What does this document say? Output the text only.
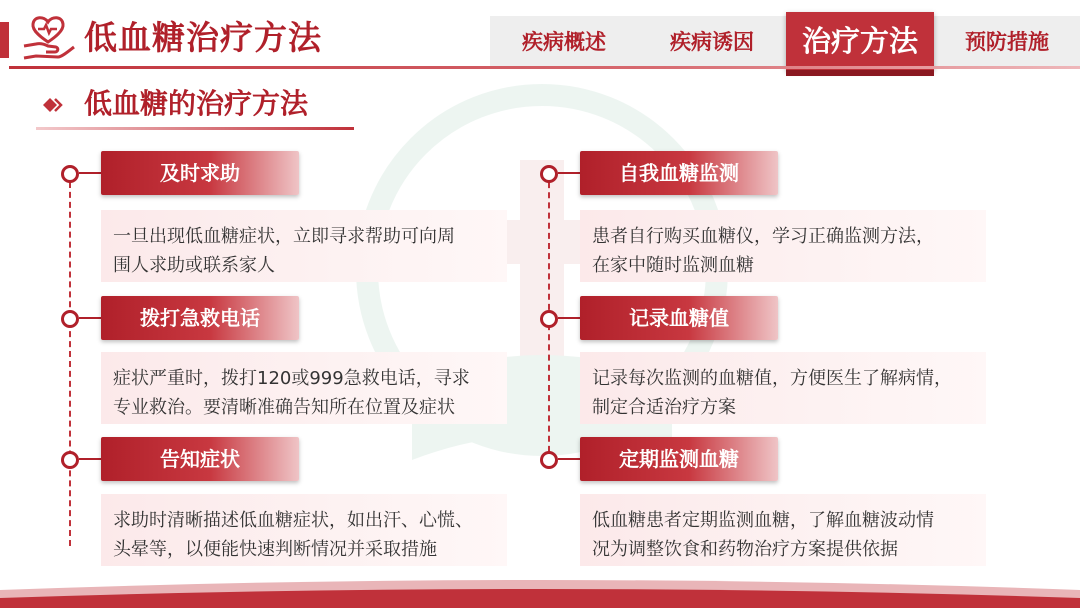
低血糖治疗方法	疾病概述	疾病诱因	治疗方法	预防措施
低血糖的治疗方法
及时求助
一旦出现低血糖症状，立即寻求帮助可向周
围人求助或联系家人
拨打急救电话
症状严重时，拨打120或999急救电话，寻求
专业救治。要清晰准确告知所在位置及症状
告知症状
求助时清晰描述低血糖症状，如出汗、心慌、
头晕等，以便能快速判断情况并采取措施
自我血糖监测
患者自行购买血糖仪，学习正确监测方法，
在家中随时监测血糖
记录血糖值
记录每次监测的血糖值，方便医生了解病情，
制定合适治疗方案
定期监测血糖
低血糖患者定期监测血糖，了解血糖波动情
况为调整饮食和药物治疗方案提供依据
